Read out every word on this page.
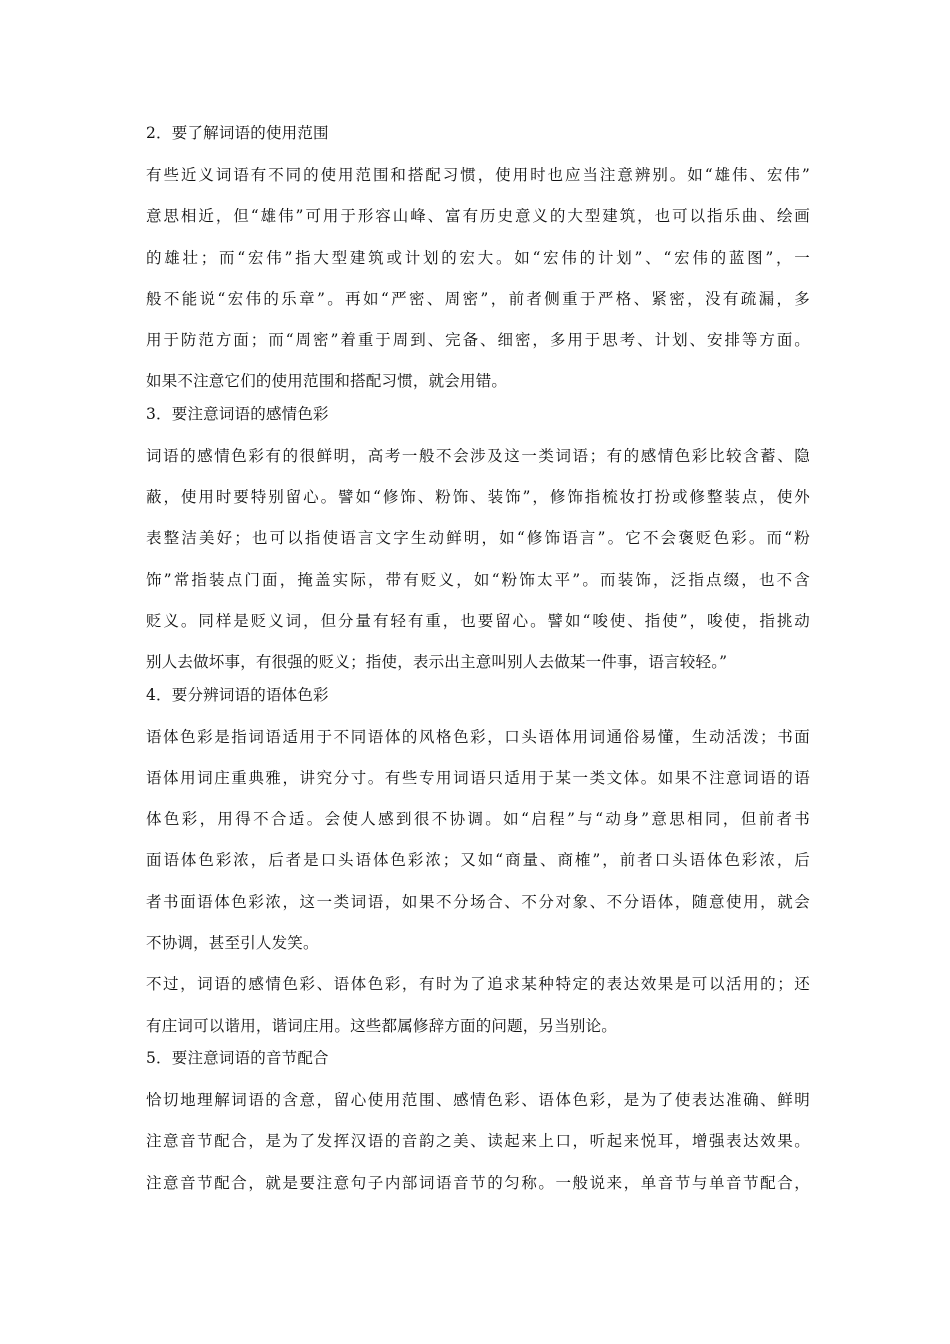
2．要了解词语的使用范围
有些近义词语有不同的使用范围和搭配习惯，使用时也应当注意辨别。如“雄伟、宏伟”
意思相近，但“雄伟”可用于形容山峰、富有历史意义的大型建筑，也可以指乐曲、绘画
的雄壮；而“宏伟”指大型建筑或计划的宏大。如“宏伟的计划”、“宏伟的蓝图”，一
般不能说“宏伟的乐章”。再如“严密、周密”，前者侧重于严格、紧密，没有疏漏，多
用于防范方面；而“周密”着重于周到、完备、细密，多用于思考、计划、安排等方面。
如果不注意它们的使用范围和搭配习惯，就会用错。
3．要注意词语的感情色彩
词语的感情色彩有的很鲜明，高考一般不会涉及这一类词语；有的感情色彩比较含蓄、隐
蔽，使用时要特别留心。譬如“修饰、粉饰、装饰”，修饰指梳妆打扮或修整装点，使外
表整洁美好；也可以指使语言文字生动鲜明，如“修饰语言”。它不会褒贬色彩。而“粉
饰”常指装点门面，掩盖实际，带有贬义，如“粉饰太平”。而装饰，泛指点缀，也不含
贬义。同样是贬义词，但分量有轻有重，也要留心。譬如“唆使、指使”，唆使，指挑动
别人去做坏事，有很强的贬义；指使，表示出主意叫别人去做某一件事，语言较轻。”
4．要分辨词语的语体色彩
语体色彩是指词语适用于不同语体的风格色彩，口头语体用词通俗易懂，生动活泼；书面
语体用词庄重典雅，讲究分寸。有些专用词语只适用于某一类文体。如果不注意词语的语
体色彩，用得不合适。会使人感到很不协调。如“启程”与“动身”意思相同，但前者书
面语体色彩浓，后者是口头语体色彩浓；又如“商量、商榷”，前者口头语体色彩浓，后
者书面语体色彩浓，这一类词语，如果不分场合、不分对象、不分语体，随意使用，就会
不协调，甚至引人发笑。
不过，词语的感情色彩、语体色彩，有时为了追求某种特定的表达效果是可以活用的；还
有庄词可以谐用，谐词庄用。这些都属修辞方面的问题，另当别论。
5．要注意词语的音节配合
恰切地理解词语的含意，留心使用范围、感情色彩、语体色彩，是为了使表达准确、鲜明
注意音节配合，是为了发挥汉语的音韵之美、读起来上口，听起来悦耳，增强表达效果。
注意音节配合，就是要注意句子内部词语音节的匀称。一般说来，单音节与单音节配合，
